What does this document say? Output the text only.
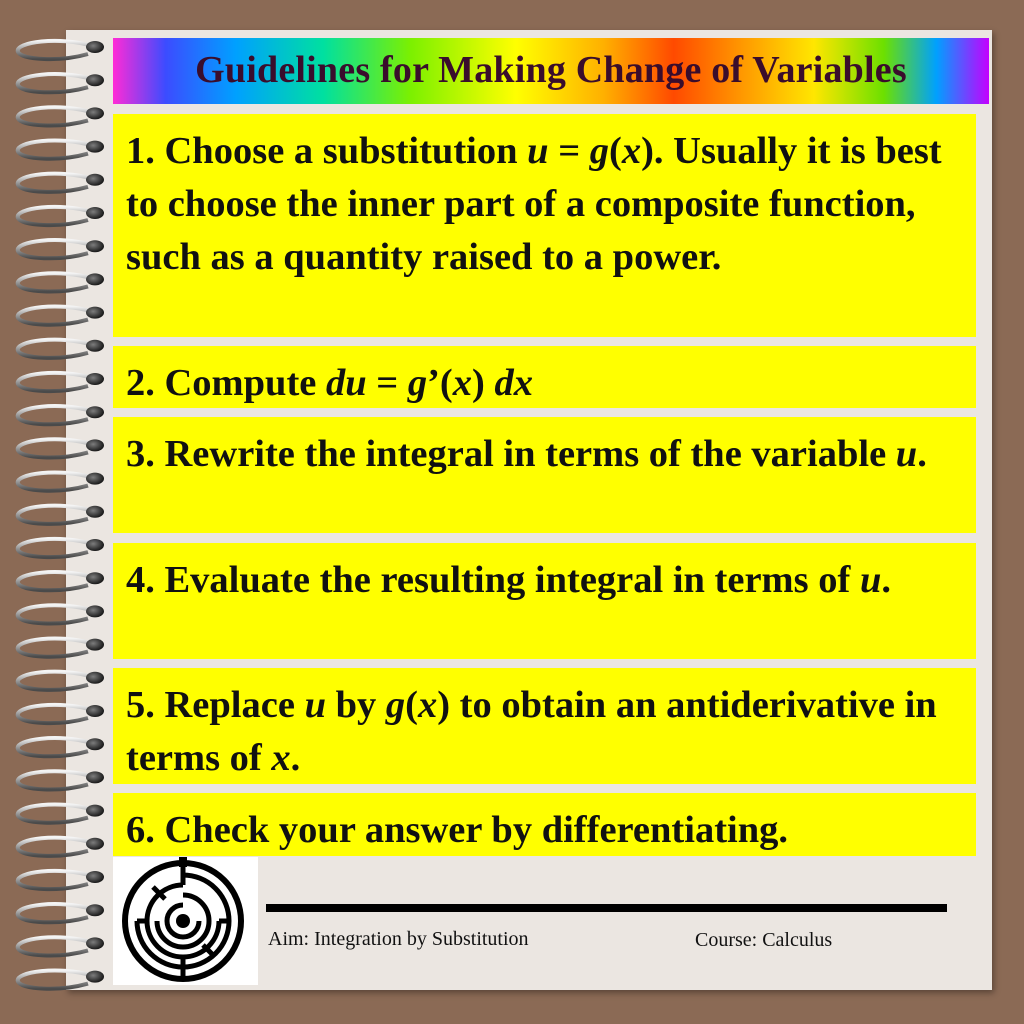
Guidelines for Making Change of Variables
1. Choose a substitution u = g(x). Usually it is best to choose the inner part of a composite function, such as a quantity raised to a power.
2. Compute du = g’(x) dx
3. Rewrite the integral in terms of the variable u.
4. Evaluate the resulting integral in terms of u.
5. Replace u by g(x) to obtain an antiderivative in terms of x.
6. Check your answer by differentiating.
Aim: Integration by Substitution	Course: Calculus
